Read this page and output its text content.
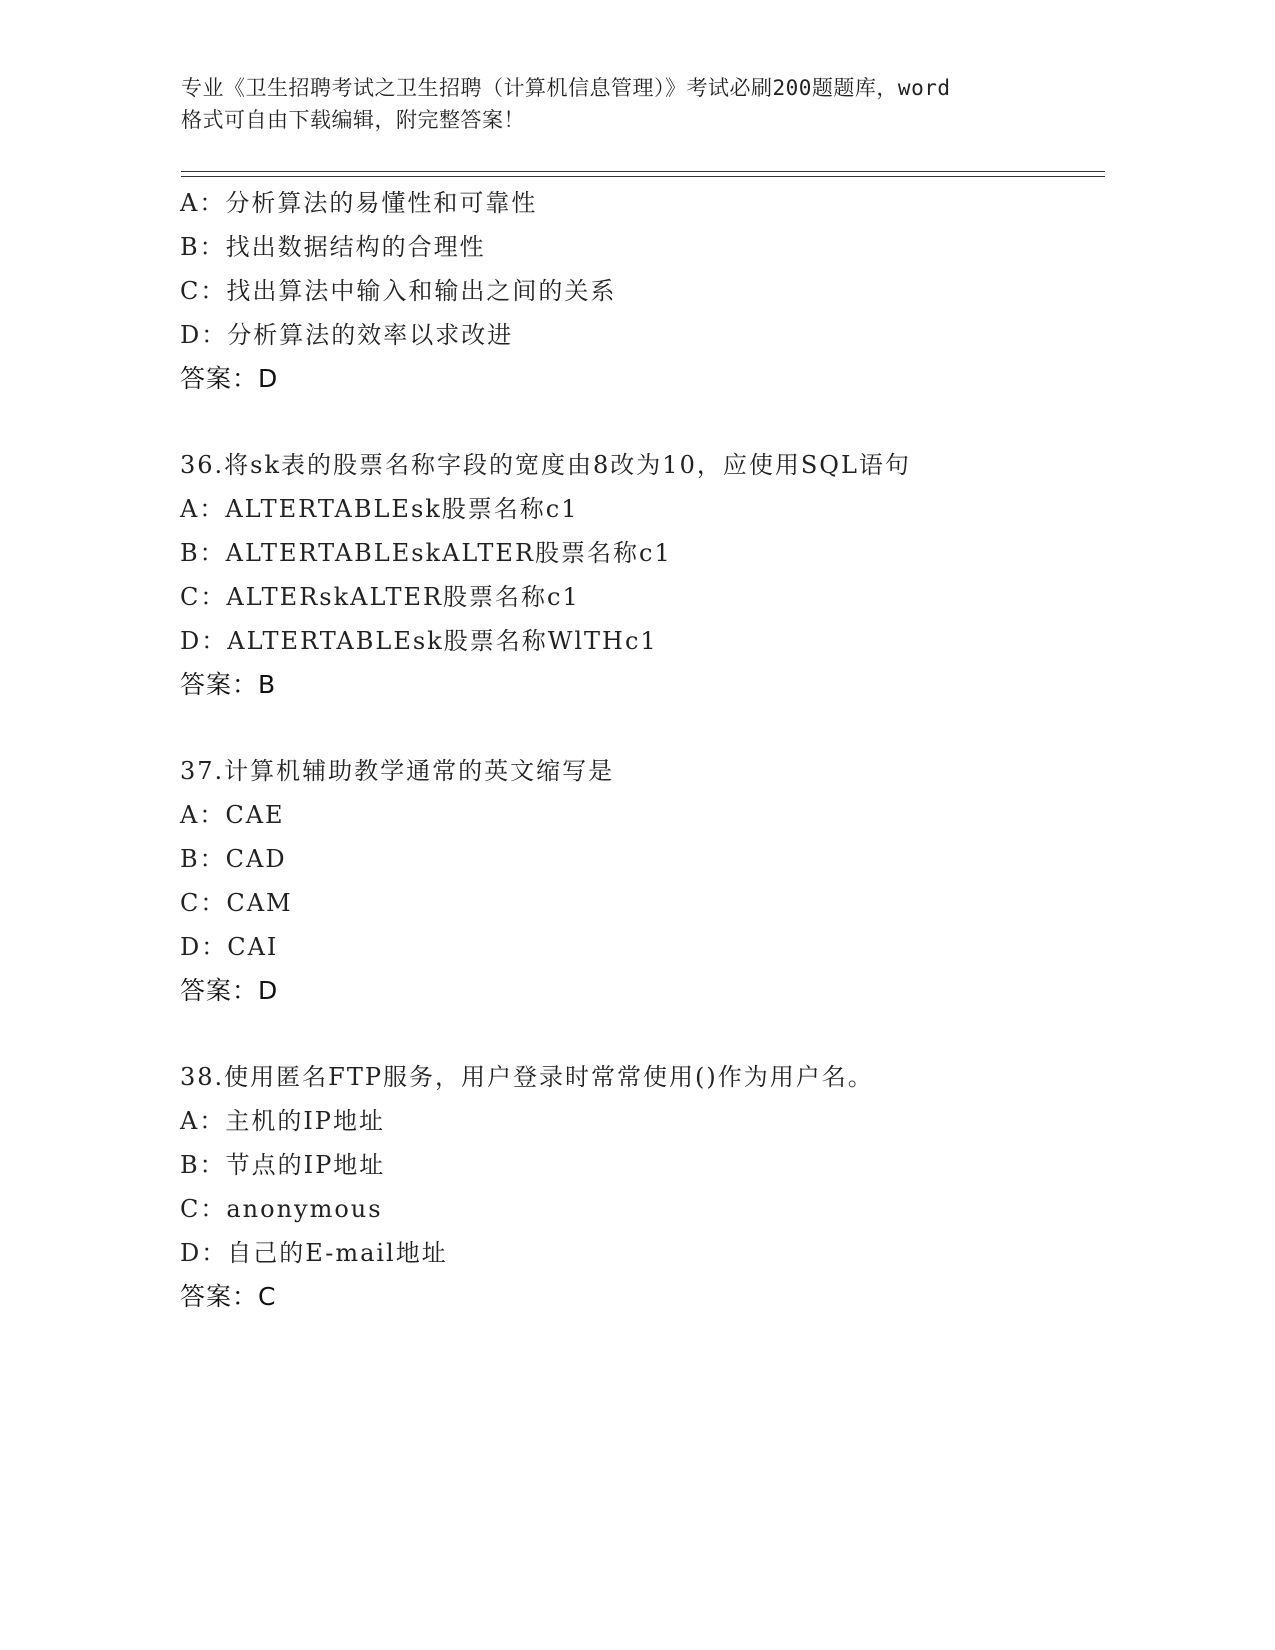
专业《卫生招聘考试之卫生招聘（计算机信息管理）》考试必刷200题题库，word
格式可自由下载编辑，附完整答案！
A：分析算法的易懂性和可靠性
B：找出数据结构的合理性
C：找出算法中输入和输出之间的关系
D：分析算法的效率以求改进
答案：D
36.将sk表的股票名称字段的宽度由8改为10，应使用SQL语句
A：ALTERTABLEsk股票名称c1
B：ALTERTABLEskALTER股票名称c1
C：ALTERskALTER股票名称c1
D：ALTERTABLEsk股票名称WlTHc1
答案：B
37.计算机辅助教学通常的英文缩写是
A：CAE
B：CAD
C：CAM
D：CAI
答案：D
38.使用匿名FTP服务，用户登录时常常使用()作为用户名。
A：主机的IP地址
B：节点的IP地址
C：anonymous
D：自己的E-mail地址
答案：C
